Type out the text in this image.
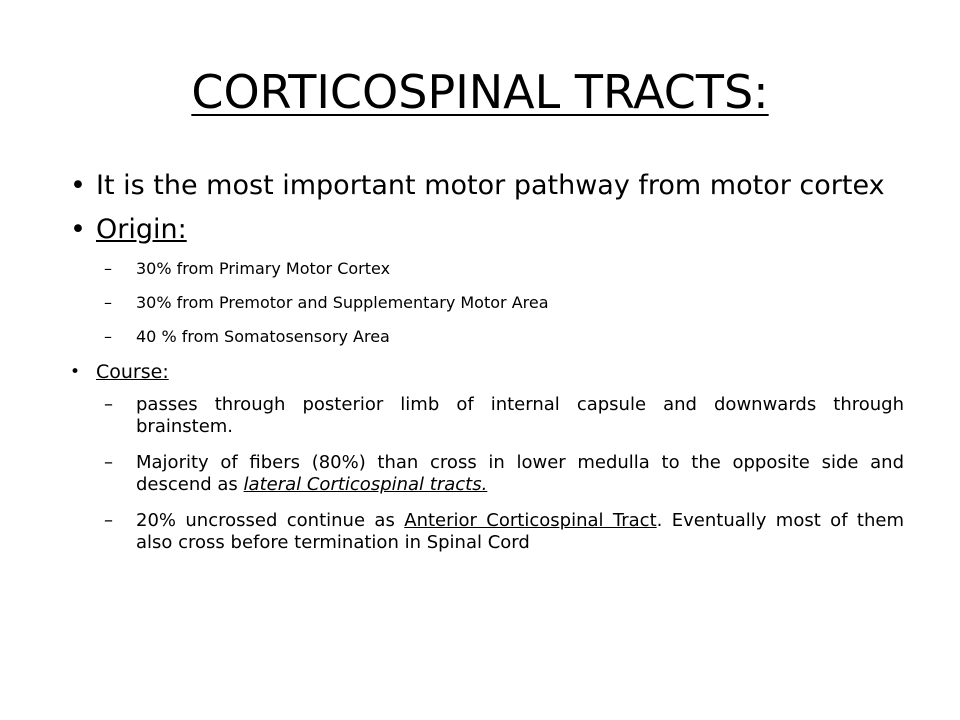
CORTICOSPINAL TRACTS:
• It is the most important motor pathway from motor cortex
• Origin:
– 30% from Primary Motor Cortex
– 30% from Premotor and Supplementary Motor Area
– 40 % from Somatosensory Area
• Course:
– passes through posterior limb of internal capsule and downwards through brainstem.
– Majority of fibers (80%) than cross in lower medulla to the opposite side and descend as lateral Corticospinal tracts.
– 20% uncrossed continue as Anterior Corticospinal Tract. Eventually most of them also cross before termination in Spinal Cord
